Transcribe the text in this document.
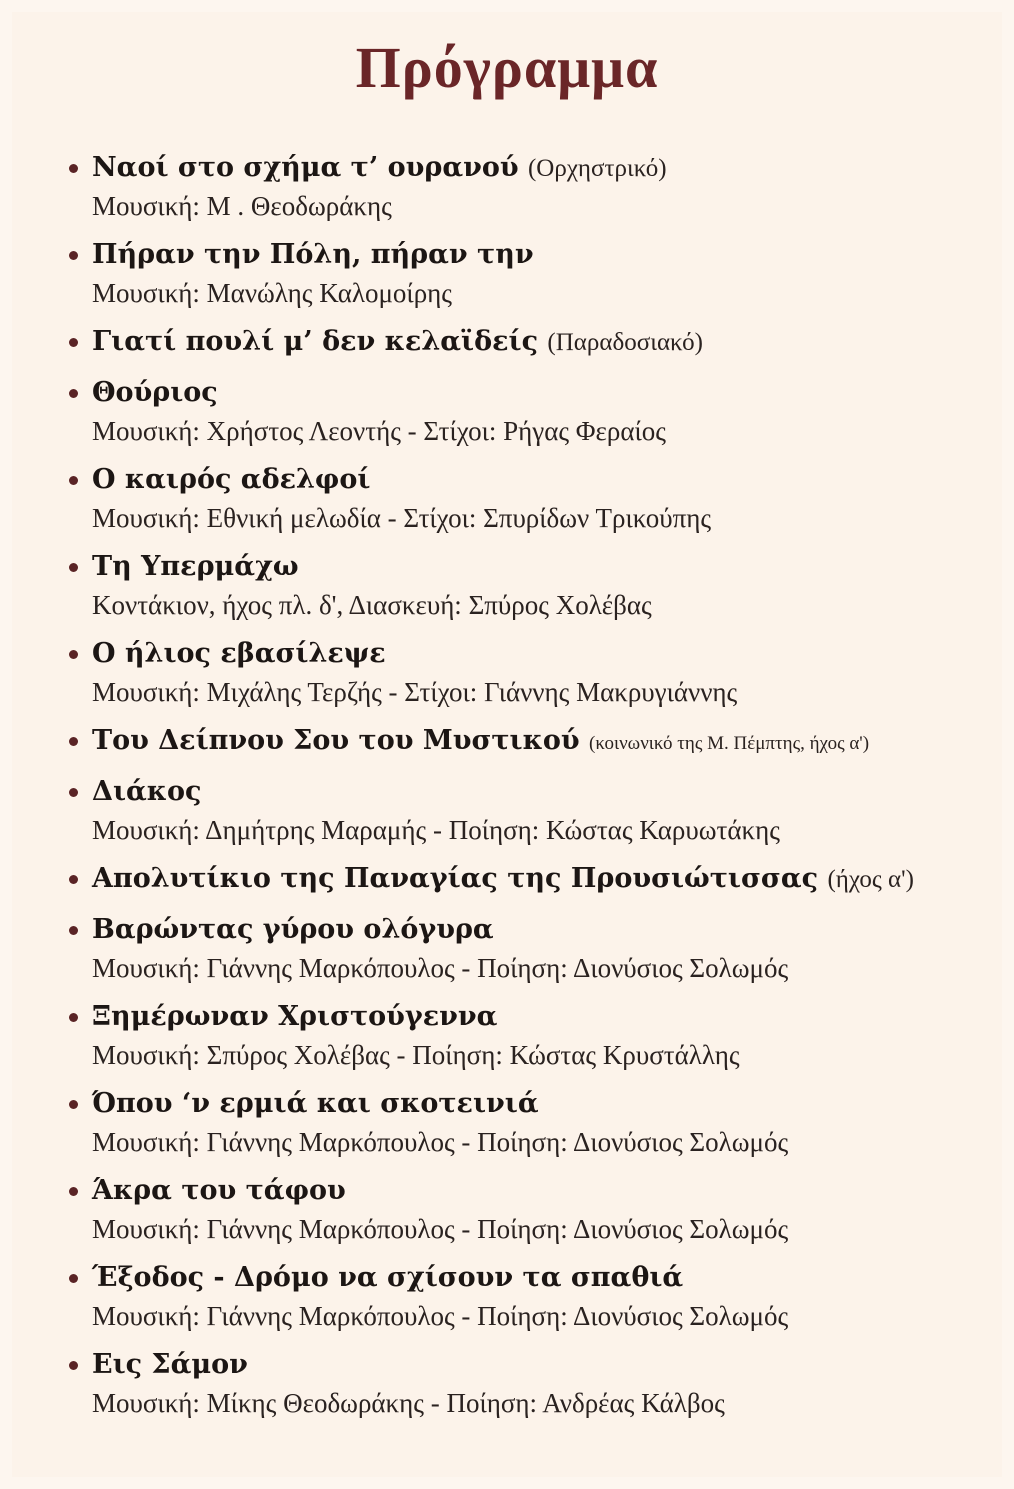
Πρόγραμμα
Ναοί στο σχήμα τ’ ουρανού (Ορχηστρικό)
Μουσική: Μ . Θεοδωράκης
Πήραν την Πόλη, πήραν την
Μουσική: Μανώλης Καλομοίρης
Γιατί πουλί μ’ δεν κελαϊδείς (Παραδοσιακό)
Θούριος
Μουσική: Χρήστος Λεοντής - Στίχοι: Ρήγας Φεραίος
Ο καιρός αδελφοί
Μουσική: Εθνική μελωδία - Στίχοι: Σπυρίδων Τρικούπης
Τη Υπερμάχω
Κοντάκιον, ήχος πλ. δ', Διασκευή: Σπύρος Χολέβας
Ο ήλιος εβασίλεψε
Μουσική: Μιχάλης Τερζής - Στίχοι: Γιάννης Μακρυγιάννης
Του Δείπνου Σου του Μυστικού (κοινωνικό της Μ. Πέμπτης, ήχος α')
Διάκος
Μουσική: Δημήτρης Μαραμής - Ποίηση: Κώστας Καρυωτάκης
Απολυτίκιο της Παναγίας της Προυσιώτισσας (ήχος α')
Βαρώντας γύρου ολόγυρα
Μουσική: Γιάννης Μαρκόπουλος - Ποίηση: Διονύσιος Σολωμός
Ξημέρωναν Χριστούγεννα
Μουσική: Σπύρος Χολέβας - Ποίηση: Κώστας Κρυστάλλης
Όπου ‘ν ερμιά και σκοτεινιά
Μουσική: Γιάννης Μαρκόπουλος - Ποίηση: Διονύσιος Σολωμός
Άκρα του τάφου
Μουσική: Γιάννης Μαρκόπουλος - Ποίηση: Διονύσιος Σολωμός
Έξοδος - Δρόμο να σχίσουν τα σπαθιά
Μουσική: Γιάννης Μαρκόπουλος - Ποίηση: Διονύσιος Σολωμός
Εις Σάμον
Μουσική: Μίκης Θεοδωράκης - Ποίηση: Ανδρέας Κάλβος
